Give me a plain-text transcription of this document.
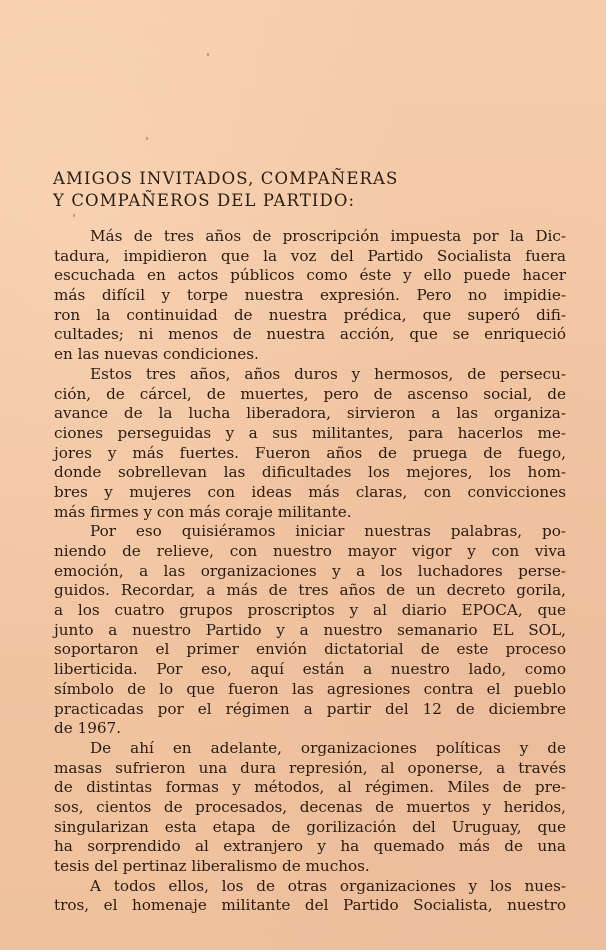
AMIGOS INVITADOS, COMPAÑERAS
Y COMPAÑEROS DEL PARTIDO:
Más de tres años de proscripción impuesta por la Dic-
tadura, impidieron que la voz del Partido Socialista fuera
escuchada en actos públicos como éste y ello puede hacer
más difícil y torpe nuestra expresión. Pero no impidie-
ron la continuidad de nuestra prédica, que superó difi-
cultades; ni menos de nuestra acción, que se enriqueció
en las nuevas condiciones.
Estos tres años, años duros y hermosos, de persecu-
ción, de cárcel, de muertes, pero de ascenso social, de
avance de la lucha liberadora, sirvieron a las organiza-
ciones perseguidas y a sus militantes, para hacerlos me-
jores y más fuertes. Fueron años de pruega de fuego,
donde sobrellevan las dificultades los mejores, los hom-
bres y mujeres con ideas más claras, con convicciones
más firmes y con más coraje militante.
Por eso quisiéramos iniciar nuestras palabras, po-
niendo de relieve, con nuestro mayor vigor y con viva
emoción, a las organizaciones y a los luchadores perse-
guidos. Recordar, a más de tres años de un decreto gorila,
a los cuatro grupos proscriptos y al diario EPOCA, que
junto a nuestro Partido y a nuestro semanario EL SOL,
soportaron el primer envión dictatorial de este proceso
liberticida. Por eso, aquí están a nuestro lado, como
símbolo de lo que fueron las agresiones contra el pueblo
practicadas por el régimen a partir del 12 de diciembre
de 1967.
De ahí en adelante, organizaciones políticas y de
masas sufrieron una dura represión, al oponerse, a través
de distintas formas y métodos, al régimen. Miles de pre-
sos, cientos de procesados, decenas de muertos y heridos,
singularizan esta etapa de gorilización del Uruguay, que
ha sorprendido al extranjero y ha quemado más de una
tesis del pertinaz liberalismo de muchos.
A todos ellos, los de otras organizaciones y los nues-
tros, el homenaje militante del Partido Socialista, nuestro
